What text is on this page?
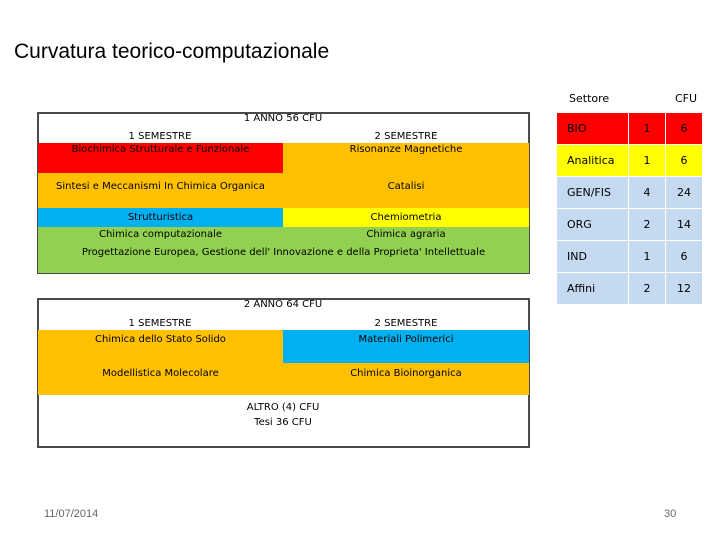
Curvatura teorico-computazionale
1 ANNO 56 CFU
1 SEMESTRE	2 SEMESTRE
Biochimica Strutturale e Funzionale	Risonanze Magnetiche
Sintesi e Meccanismi In Chimica Organica	Catalisi
Strutturistica	Chemiometria
Chimica computazionale	Chimica agraria
Progettazione Europea, Gestione dell' Innovazione e della Proprieta' Intellettuale
2 ANNO 64 CFU
1 SEMESTRE	2 SEMESTRE
Chimica dello Stato Solido	Materiali Polimerici
Modellistica Molecolare	Chimica Bioinorganica
ALTRO (4) CFU
Tesi 36 CFU
Settore	CFU
BIO	1	6
Analitica	1	6
GEN/FIS	4	24
ORG	2	14
IND	1	6
Affini	2	12
11/07/2014	30
